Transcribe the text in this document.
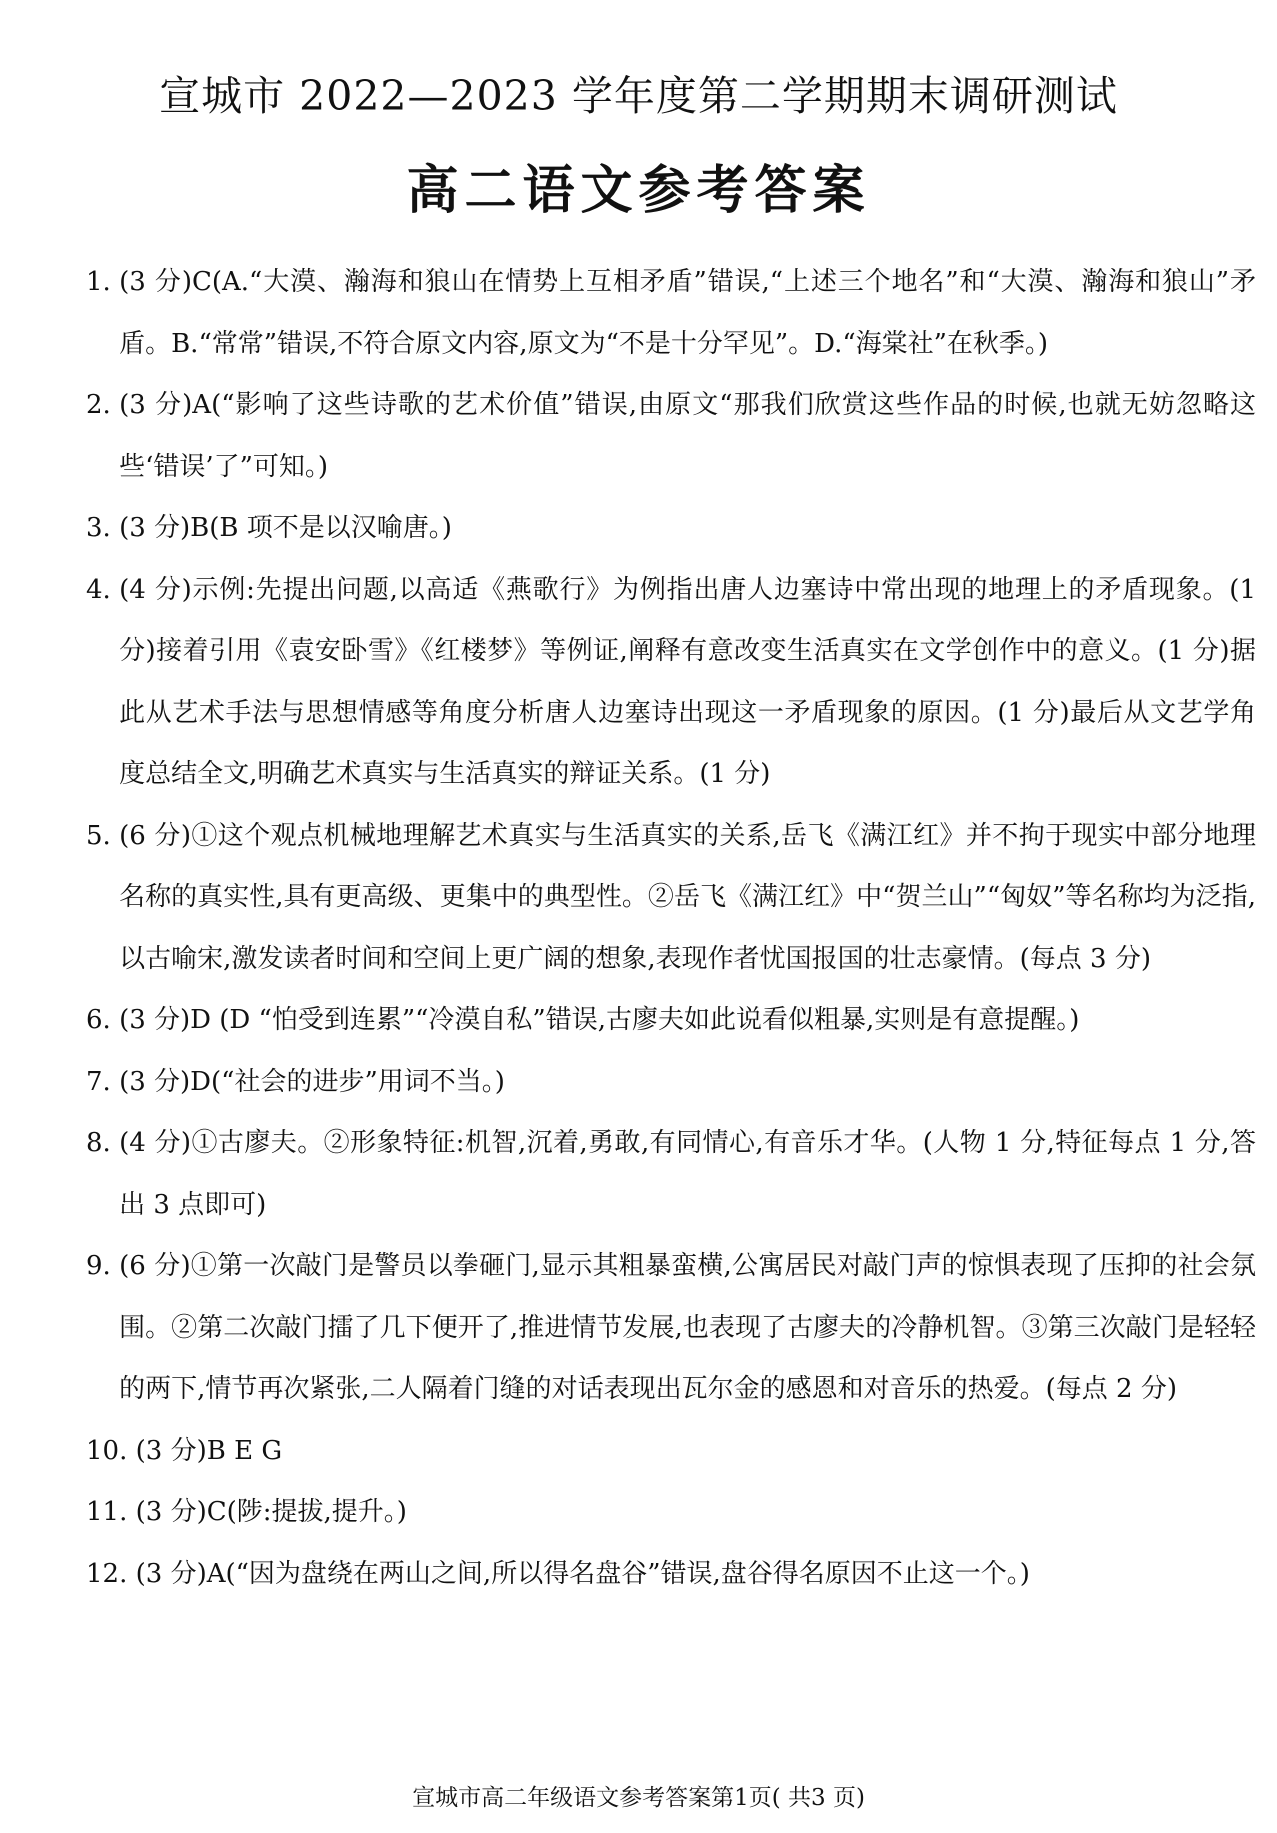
宣城市 2022—2023 学年度第二学期期末调研测试
高二语文参考答案
1. (3 分)C(A.“大漠、瀚海和狼山在情势上互相矛盾”错误,“上述三个地名”和“大漠、瀚海和狼山”矛盾。B.“常常”错误,不符合原文内容,原文为“不是十分罕见”。D.“海棠社”在秋季。)
2. (3 分)A(“影响了这些诗歌的艺术价值”错误,由原文“那我们欣赏这些作品的时候,也就无妨忽略这些‘错误’了”可知。)
3. (3 分)B(B 项不是以汉喻唐。)
4. (4 分)示例:先提出问题,以高适《燕歌行》为例指出唐人边塞诗中常出现的地理上的矛盾现象。(1 分)接着引用《袁安卧雪》《红楼梦》等例证,阐释有意改变生活真实在文学创作中的意义。(1 分)据此从艺术手法与思想情感等角度分析唐人边塞诗出现这一矛盾现象的原因。(1 分)最后从文艺学角度总结全文,明确艺术真实与生活真实的辩证关系。(1 分)
5. (6 分)①这个观点机械地理解艺术真实与生活真实的关系,岳飞《满江红》并不拘于现实中部分地理名称的真实性,具有更高级、更集中的典型性。②岳飞《满江红》中“贺兰山”“匈奴”等名称均为泛指,以古喻宋,激发读者时间和空间上更广阔的想象,表现作者忧国报国的壮志豪情。(每点 3 分)
6. (3 分)D (D “怕受到连累”“冷漠自私”错误,古廖夫如此说看似粗暴,实则是有意提醒。)
7. (3 分)D(“社会的进步”用词不当。)
8. (4 分)①古廖夫。②形象特征:机智,沉着,勇敢,有同情心,有音乐才华。(人物 1 分,特征每点 1 分,答出 3 点即可)
9. (6 分)①第一次敲门是警员以拳砸门,显示其粗暴蛮横,公寓居民对敲门声的惊惧表现了压抑的社会氛围。②第二次敲门擂了几下便开了,推进情节发展,也表现了古廖夫的冷静机智。③第三次敲门是轻轻的两下,情节再次紧张,二人隔着门缝的对话表现出瓦尔金的感恩和对音乐的热爱。(每点 2 分)
10. (3 分)B E G
11. (3 分)C(陟:提拔,提升。)
12. (3 分)A(“因为盘绕在两山之间,所以得名盘谷”错误,盘谷得名原因不止这一个。)
宣城市高二年级语文参考答案第1页( 共3 页)
